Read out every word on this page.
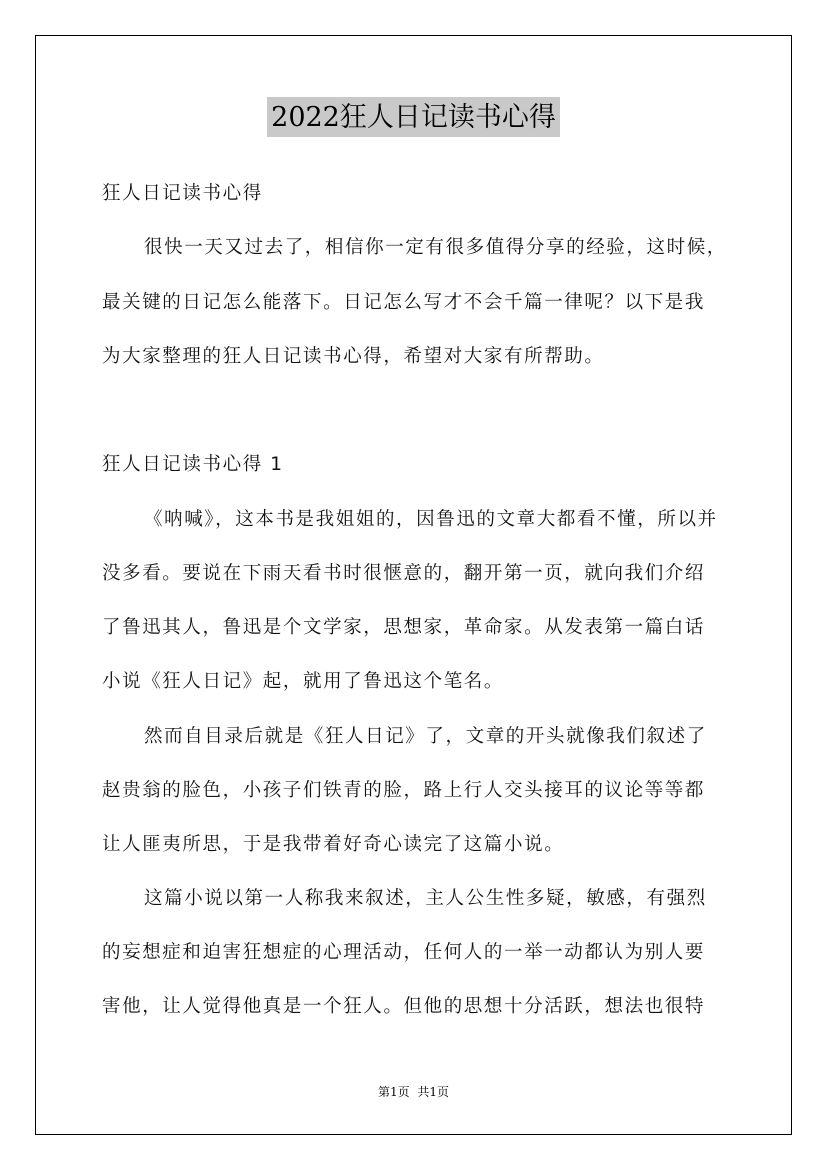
2022狂人日记读书心得
狂人日记读书心得
很快一天又过去了，相信你一定有很多值得分享的经验，这时候，
最关键的日记怎么能落下。日记怎么写才不会千篇一律呢？以下是我
为大家整理的狂人日记读书心得，希望对大家有所帮助。
狂人日记读书心得 1
《呐喊》，这本书是我姐姐的，因鲁迅的文章大都看不懂，所以并
没多看。要说在下雨天看书时很惬意的，翻开第一页，就向我们介绍
了鲁迅其人，鲁迅是个文学家，思想家，革命家。从发表第一篇白话
小说《狂人日记》起，就用了鲁迅这个笔名。
然而自目录后就是《狂人日记》了，文章的开头就像我们叙述了
赵贵翁的脸色，小孩子们铁青的脸，路上行人交头接耳的议论等等都
让人匪夷所思，于是我带着好奇心读完了这篇小说。
这篇小说以第一人称我来叙述，主人公生性多疑，敏感，有强烈
的妄想症和迫害狂想症的心理活动，任何人的一举一动都认为别人要
害他，让人觉得他真是一个狂人。但他的思想十分活跃，想法也很特
第1页 共1页
